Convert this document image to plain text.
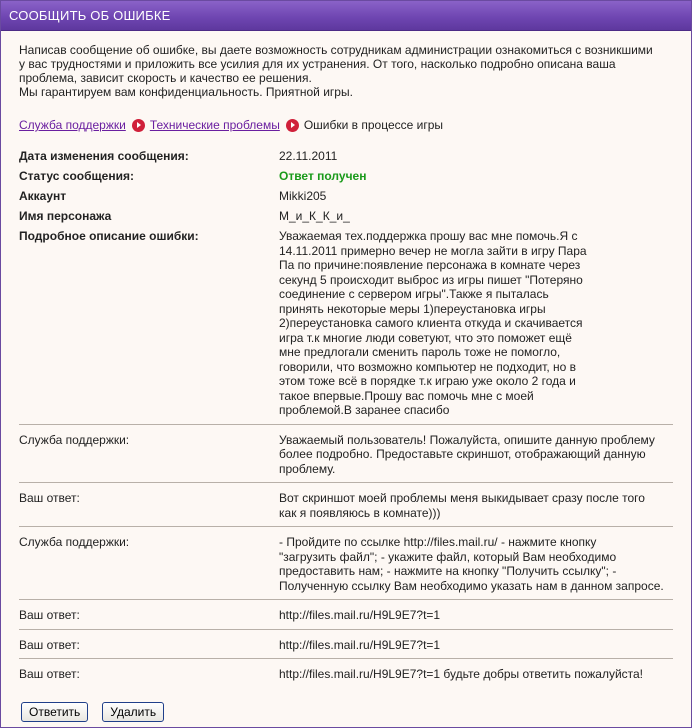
СООБЩИТЬ ОБ ОШИБКЕ
Написав сообщение об ошибке, вы даете возможность сотрудникам администрации ознакомиться с возникшими
у вас трудностями и приложить все усилия для их устранения. От того, насколько подробно описана ваша
проблема, зависит скорость и качество ее решения.
Мы гарантируем вам конфиденциальность. Приятной игры.
Служба поддержки Технические проблемы Ошибки в процессе игры
Дата изменения сообщения:	22.11.2011
Статус сообщения:	Ответ получен
Аккаунт	Mikki205
Имя персонажа	М_и_К_К_и_
Подробное описание ошибки:	Уважаемая тех.поддержка прошу вас мне помочь.Я с
14.11.2011 примерно вечер не могла зайти в игру Пара
Па по причине:появление персонажа в комнате через
секунд 5 происходит выброс из игры пишет "Потеряно
соединение с сервером игры".Также я пыталась
принять некоторые меры 1)переустановка игры
2)переустановка самого клиента откуда и скачивается
игра т.к многие люди советуют, что это поможет ещё
мне предлогали сменить пароль тоже не помогло,
говорили, что возможно компьютер не подходит, но в
этом тоже всё в порядке т.к играю уже около 2 года и
такое впервые.Прошу вас помочь мне с моей
проблемой.В заранее спасибо
Служба поддержки:	Уважаемый пользователь! Пожалуйста, опишите данную проблему
более подробно. Предоставьте скриншот, отображающий данную
проблему.
Ваш ответ:	Вот скриншот моей проблемы меня выкидывает сразу после того
как я появляюсь в комнате)))
Служба поддержки:	- Пройдите по ссылке http://files.mail.ru/ - нажмите кнопку
"загрузить файл"; - укажите файл, который Вам необходимо
предоставить нам; - нажмите на кнопку "Получить ссылку"; -
Полученную ссылку Вам необходимо указать нам в данном запросе.
Ваш ответ:	http://files.mail.ru/H9L9E7?t=1
Ваш ответ:	http://files.mail.ru/H9L9E7?t=1
Ваш ответ:	http://files.mail.ru/H9L9E7?t=1 будьте добры ответить пожалуйста!
Ответить	Удалить
